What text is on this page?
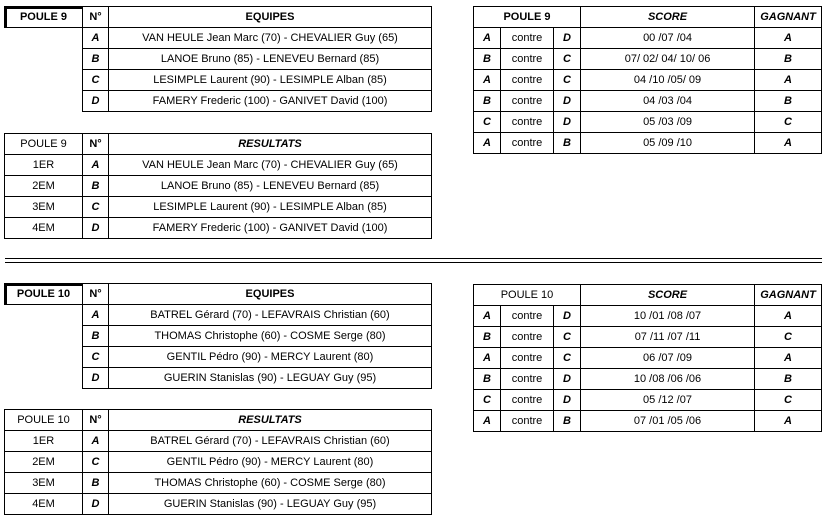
POULE 9	N°	EQUIPES
	A	VAN HEULE Jean Marc (70) - CHEVALIER Guy (65)
	B	LANOE Bruno (85) - LENEVEU Bernard (85)
	C	LESIMPLE Laurent (90) - LESIMPLE Alban (85)
	D	FAMERY Frederic (100) - GANIVET David (100)
POULE 9			SCORE	GAGNANT
A	contre	D	00 /07 /04	A
B	contre	C	07/ 02/ 04/ 10/ 06	B
A	contre	C	04 /10 /05/ 09	A
B	contre	D	04 /03 /04	B
C	contre	D	05 /03 /09	C
A	contre	B	05 /09 /10	A
POULE 9	N°	RESULTATS
1ER	A	VAN HEULE Jean Marc (70) - CHEVALIER Guy (65)
2EM	B	LANOE Bruno (85) - LENEVEU Bernard (85)
3EM	C	LESIMPLE Laurent (90) - LESIMPLE Alban (85)
4EM	D	FAMERY Frederic (100) - GANIVET David (100)
POULE 10	N°	EQUIPES
	A	BATREL Gérard (70) - LEFAVRAIS Christian (60)
	B	THOMAS Christophe (60) - COSME Serge (80)
	C	GENTIL Pédro (90) - MERCY Laurent (80)
	D	GUERIN Stanislas (90) - LEGUAY Guy (95)
POULE 10			SCORE	GAGNANT
A	contre	D	10 /01 /08 /07	A
B	contre	C	07 /11 /07 /11	C
A	contre	C	06 /07 /09	A
B	contre	D	10 /08 /06 /06	B
C	contre	D	05 /12 /07	C
A	contre	B	07 /01 /05 /06	A
POULE 10	N°	RESULTATS
1ER	A	BATREL Gérard (70) - LEFAVRAIS Christian (60)
2EM	C	GENTIL Pédro (90) - MERCY Laurent (80)
3EM	B	THOMAS Christophe (60) - COSME Serge (80)
4EM	D	GUERIN Stanislas (90) - LEGUAY Guy (95)
